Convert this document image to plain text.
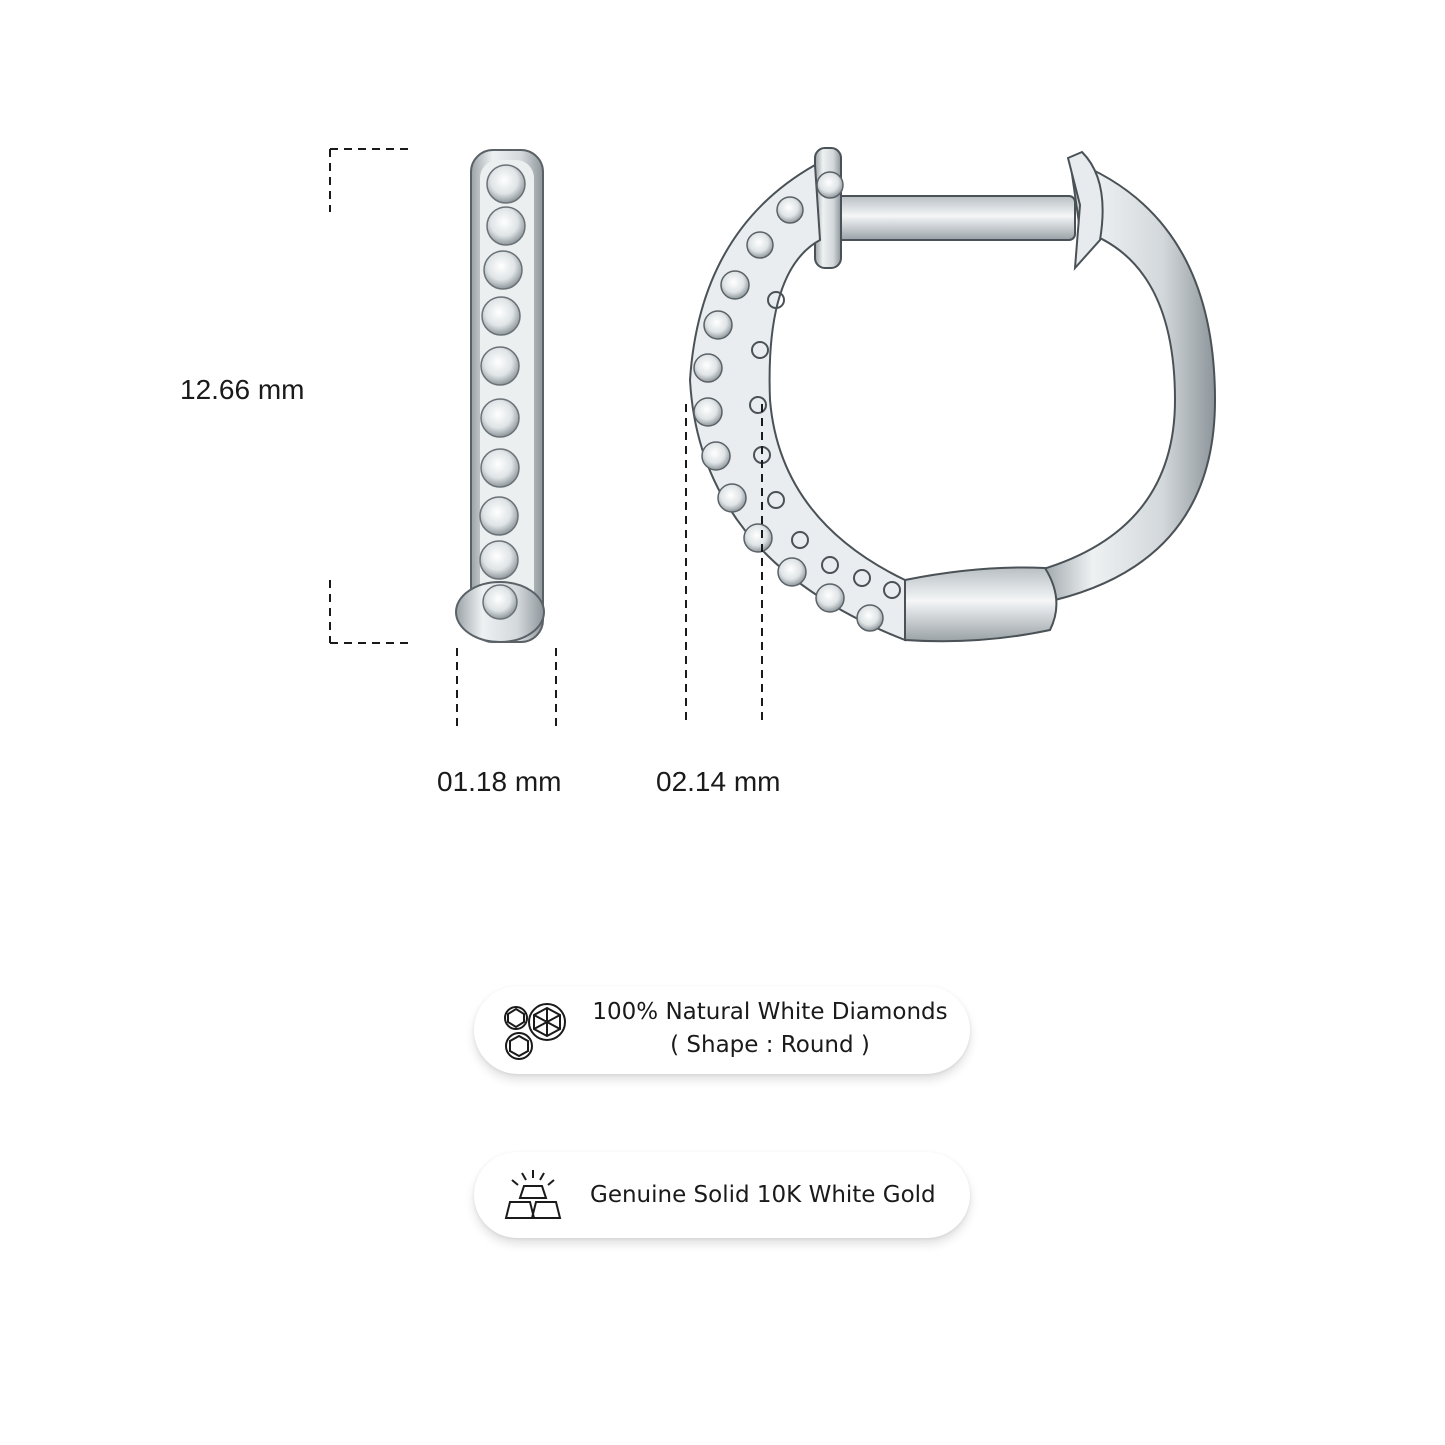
12.66 mm
01.18 mm	02.14 mm
100% Natural White Diamonds
( Shape : Round )
Genuine Solid 10K White Gold
